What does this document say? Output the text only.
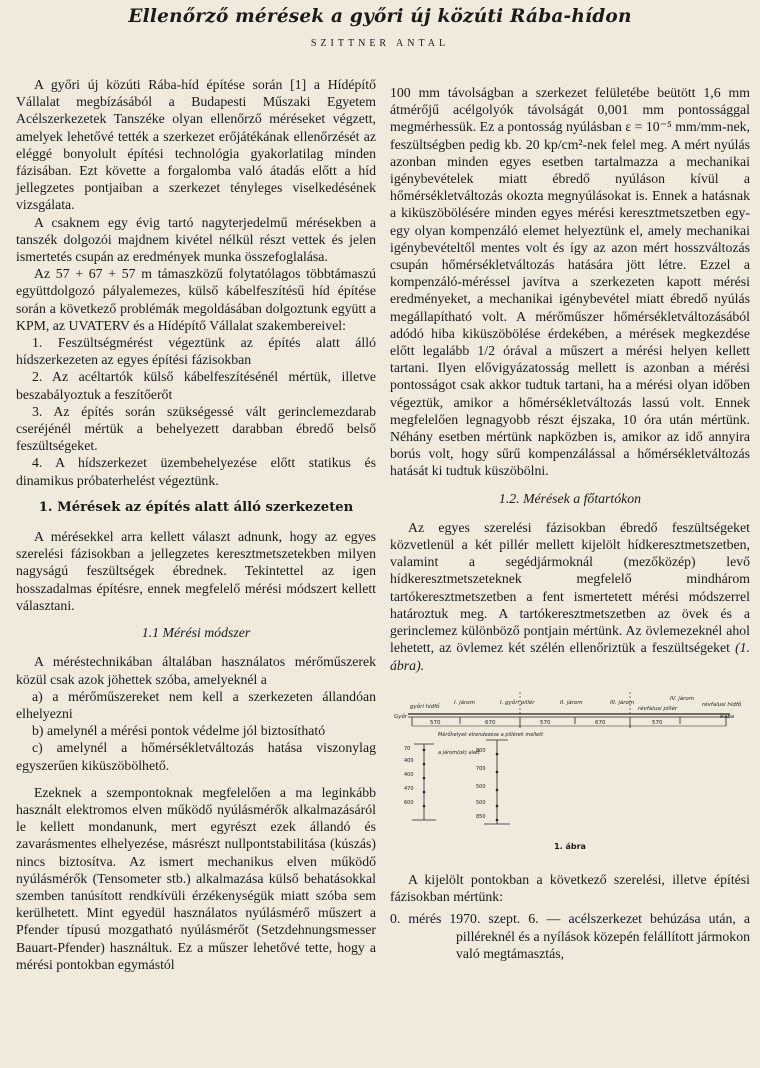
Ellenőrző mérések a győri új közúti Rába-hídon
SZITTNER ANTAL

A győri új közúti Rába-híd építése során [1] a Hídépítő Vállalat megbízásából a Budapesti Műszaki Egyetem Acélszerkezetek Tanszéke olyan ellenőrző méréseket végzett, amelyek lehetővé tették a szerkezet erőjátékának ellenőrzését az eléggé bonyolult építési technológia gyakorlatilag minden fázisában. Ezt követte a forgalomba való átadás előtt a híd jellegzetes pontjaiban a szerkezet tényleges viselkedésének vizsgálata.

A csaknem egy évig tartó nagyterjedelmű mérésekben a tanszék dolgozói majdnem kivétel nélkül részt vettek és jelen ismertetés csupán az eredmények munka összefoglalása.

Az 57 + 67 + 57 m támaszközű folytatólagos többtámaszú együttdolgozó pályalemezes, külső kábelfeszítésű híd építése során a következő problémák megoldásában dolgoztunk együtt a KPM, az UVATERV és a Hídépítő Vállalat szakembereivel:

1. Feszültségmérést végeztünk az építés alatt álló hídszerkezeten az egyes építési fázisokban

2. Az acéltartók külső kábelfeszítésénél mértük, illetve beszabályoztuk a feszítőerőt

3. Az építés során szükségessé vált gerinclemezdarab cseréjénél mértük a behelyezett darabban ébredő belső feszültségeket.

4. A hídszerkezet üzembehelyezése előtt statikus és dinamikus próbaterhelést végeztünk.

1. Mérések az építés alatt álló szerkezeten

A mérésekkel arra kellett választ adnunk, hogy az egyes szerelési fázisokban a jellegzetes keresztmetszetekben milyen nagyságú feszültségek ébrednek. Tekintettel az igen hosszadalmas építésre, ennek megfelelő mérési módszert kellett választani.

1.1 Mérési módszer

A méréstechnikában általában használatos mérőműszerek közül csak azok jöhettek szóba, amelyeknél a

a) a mérőműszereket nem kell a szerkezeten állandóan elhelyezni

b) amelynél a mérési pontok védelme jól biztosítható

c) amelynél a hőmérsékletváltozás hatása viszonylag egyszerűen kiküszöbölhető.

Ezeknek a szempontoknak megfelelően a ma leginkább használt elektromos elven működő nyúlásmérők alkalmazásáról le kellett mondanunk, mert egyrészt ezek állandó és zavarásmentes elhelyezése, másrészt nullpontstabilitása (kúszás) nincs biztosítva. Az ismert mechanikus elven működő nyúlásmérők (Tensometer stb.) alkalmazása külső behatásokkal szemben tanúsított rendkívüli érzékenységük miatt szóba sem kerülhetett. Mint egyedül használatos nyúlásmérő műszert a Pfender típusú mozgatható nyúlásmérőt (Setzdehnungsmesser Bauart-Pfender) használtuk. Ez a műszer lehetővé tette, hogy a mérési pontokban egymástól

100 mm távolságban a szerkezet felületébe beütött 1,6 mm átmérőjű acélgolyók távolságát 0,001 mm pontossággal megmérhessük. Ez a pontosság nyúlásban ε = 10⁻⁵ mm/mm-nek, feszültségben pedig kb. 20 kp/cm²-nek felel meg. A mért nyúlás azonban minden egyes esetben tartalmazza a mechanikai igénybevételek miatt ébredő nyúláson kívül a hőmérsékletváltozás okozta megnyúlásokat is. Ennek a hatásnak a kiküszöbölésére minden egyes mérési keresztmetszetben egy-egy olyan kompenzáló elemet helyeztünk el, amely mechanikai igénybevételtől mentes volt és így az azon mért hosszváltozás csupán hőmérsékletváltozás hatására jött létre. Ezzel a kompenzáló-méréssel javítva a szerkezeten kapott mérési eredményeket, a mechanikai igénybevétel miatt ébredő nyúlás megállapítható volt. A mérőműszer hőmérsékletváltozásából adódó hiba kiküszöbölése érdekében, a mérések megkezdése előtt legalább 1/2 órával a műszert a mérési helyen kellett tartani. Ilyen elővigyázatosság mellett is azonban a mérési pontosságot csak akkor tudtuk tartani, ha a mérési olyan időben végeztük, amikor a hőmérsékletváltozás lassú volt. Ennek megfelelően legnagyobb részt éjszaka, 10 óra után mértünk. Néhány esetben mértünk napközben is, amikor az idő annyira borús volt, hogy sűrű kompenzálással a hőmérsékletváltozás hatását ki tudtuk küszöbölni.

1.2. Mérések a főtartókon

Az egyes szerelési fázisokban ébredő feszültségeket közvetlenül a két pillér mellett kijelölt hídkeresztmetszetben, valamint a segédjármoknál (mezőközép) levő hídkeresztmetszeteknek megfelelő mindhárom tartókeresztmetszetben a fent ismertetett mérési módszerrel határoztuk meg. A tartókeresztmetszetben az övek és a gerinclemez különböző pontjain mértünk. Az övlemezeknél ahol lehetett, az övlemez két szélén ellenőriztük a feszültségeket (1. ábra).

győri hídfő
I. járom	I. győri pillér	II. járom	III. járom
révfalusi pillér
IV. járom
révfalusi hídfő
Győr	Rába
570	670	570	670	570
Mérőhelyek elrendezése a pillérek mellett
a járom(ok) alatt
70
400
400
470
600
800
700
500
500
850
1. ábra

A kijelölt pontokban a következő szerelési, illetve építési fázisokban mértünk:

0. mérés 1970. szept. 6. — acélszerkezet behúzása után, a pilléreknél és a nyílások közepén felállított jármokon való megtámasztás,
